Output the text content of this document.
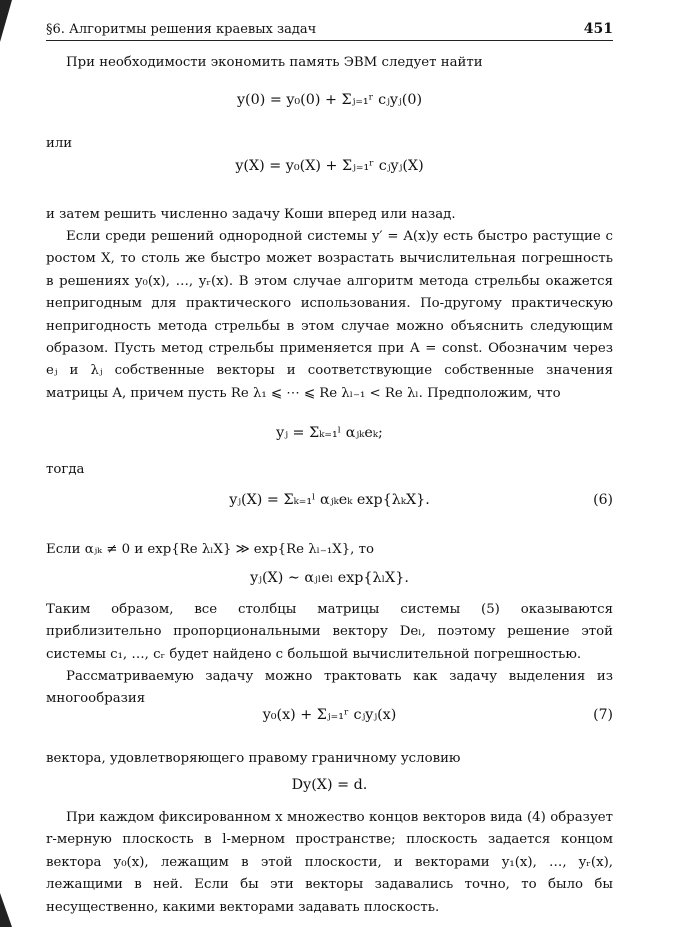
§6. Алгоритмы решения краевых задач	451
При необходимости экономить память ЭВМ следует найти
y(0) = y₀(0) + Σⱼ₌₁ʳ cⱼyⱼ(0)
или
y(X) = y₀(X) + Σⱼ₌₁ʳ cⱼyⱼ(X)
и затем решить численно задачу Коши вперед или назад.
Если среди решений однородной системы y′ = A(x)y есть быстро растущие с ростом X, то столь же быстро может возрастать вычислительная погрешность в решениях y₀(x), …, yᵣ(x). В этом случае алгоритм метода стрельбы окажется непригодным для практического использования. По-другому практическую непригодность метода стрельбы в этом случае можно объяснить следующим образом. Пусть метод стрельбы применяется при A = const. Обозначим через eⱼ и λⱼ собственные векторы и соответствующие собственные значения матрицы A, причем пусть Re λ₁ ⩽ ⋯ ⩽ Re λₗ₋₁ < Re λₗ. Предположим, что
yⱼ = Σₖ₌₁ˡ αⱼₖeₖ;
тогда
yⱼ(X) = Σₖ₌₁ˡ αⱼₖeₖ exp{λₖX}.	(6)
Если αⱼₖ ≠ 0 и exp{Re λₗX} ≫ exp{Re λₗ₋₁X}, то
yⱼ(X) ∼ αⱼₗeₗ exp{λₗX}.
Таким образом, все столбцы матрицы системы (5) оказываются приблизительно пропорциональными вектору Deₗ, поэтому решение этой системы c₁, …, cᵣ будет найдено с большой вычислительной погрешностью.
Рассматриваемую задачу можно трактовать как задачу выделения из многообразия
y₀(x) + Σⱼ₌₁ʳ cⱼyⱼ(x)	(7)
вектора, удовлетворяющего правому граничному условию
Dy(X) = d.
При каждом фиксированном x множество концов векторов вида (4) образует r-мерную плоскость в l-мерном пространстве; плоскость задается концом вектора y₀(x), лежащим в этой плоскости, и векторами y₁(x), …, yᵣ(x), лежащими в ней. Если бы эти векторы задавались точно, то было бы несущественно, какими векторами задавать плоскость.
